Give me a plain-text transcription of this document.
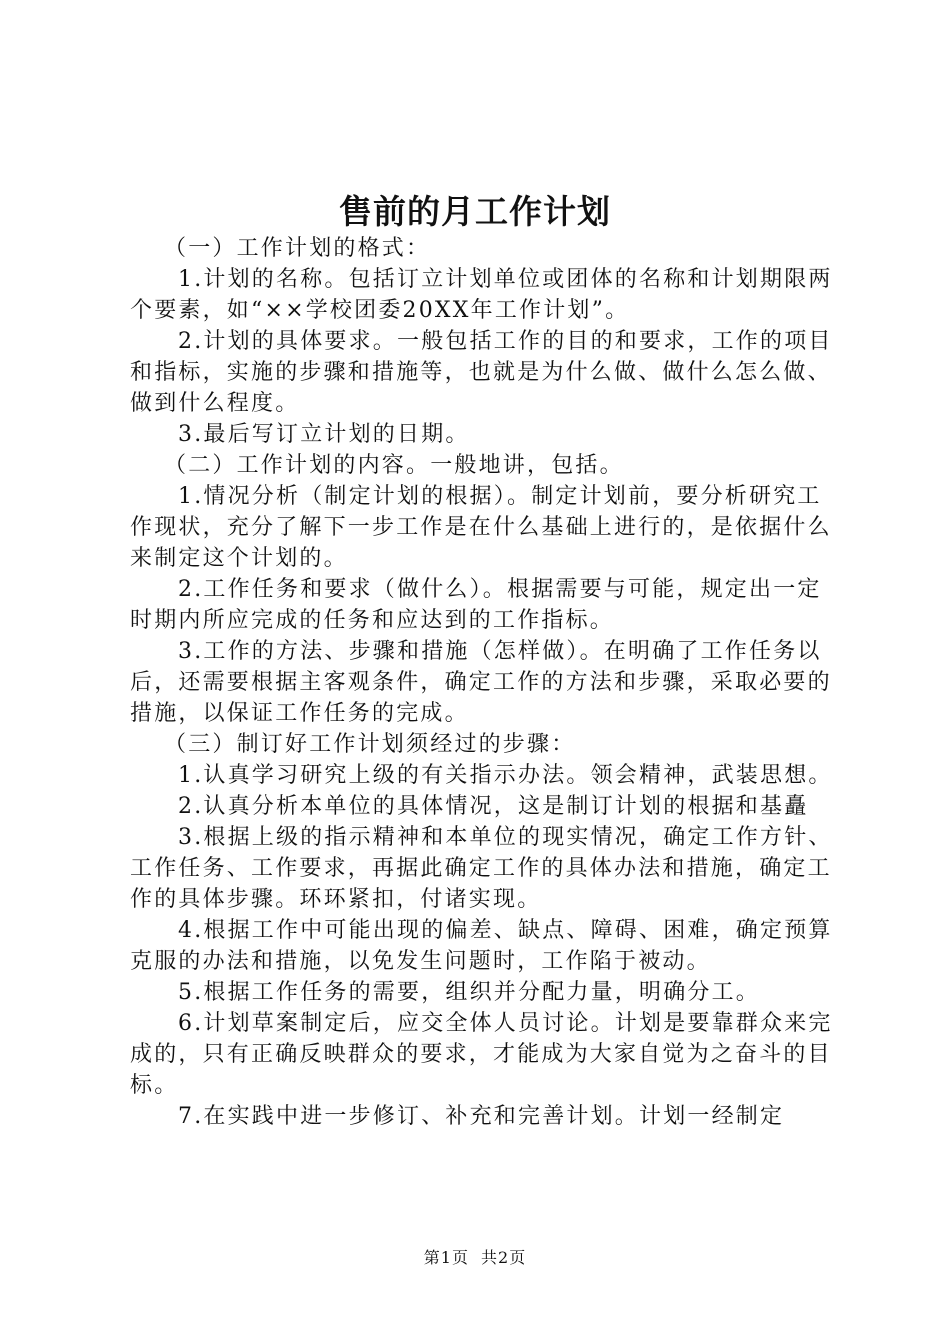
售前的月工作计划

（一）工作计划的格式：

1.计划的名称。包括订立计划单位或团体的名称和计划期限两个要素，如“××学校团委20XX年工作计划”。

2.计划的具体要求。一般包括工作的目的和要求，工作的项目和指标，实施的步骤和措施等，也就是为什么做、做什么怎么做、做到什么程度。

3.最后写订立计划的日期。

（二）工作计划的内容。一般地讲，包括。

1.情况分析（制定计划的根据）。制定计划前，要分析研究工作现状，充分了解下一步工作是在什么基础上进行的，是依据什么来制定这个计划的。

2.工作任务和要求（做什么）。根据需要与可能，规定出一定时期内所应完成的任务和应达到的工作指标。

3.工作的方法、步骤和措施（怎样做）。在明确了工作任务以后，还需要根据主客观条件，确定工作的方法和步骤，采取必要的措施，以保证工作任务的完成。

（三）制订好工作计划须经过的步骤：

1.认真学习研究上级的有关指示办法。领会精神，武装思想。

2.认真分析本单位的具体情况，这是制订计划的根据和基矗

3.根据上级的指示精神和本单位的现实情况，确定工作方针、工作任务、工作要求，再据此确定工作的具体办法和措施，确定工作的具体步骤。环环紧扣，付诸实现。

4.根据工作中可能出现的偏差、缺点、障碍、困难，确定预算克服的办法和措施，以免发生问题时，工作陷于被动。

5.根据工作任务的需要，组织并分配力量，明确分工。

6.计划草案制定后，应交全体人员讨论。计划是要靠群众来完成的，只有正确反映群众的要求，才能成为大家自觉为之奋斗的目标。

7.在实践中进一步修订、补充和完善计划。计划一经制定

第1页 共2页
